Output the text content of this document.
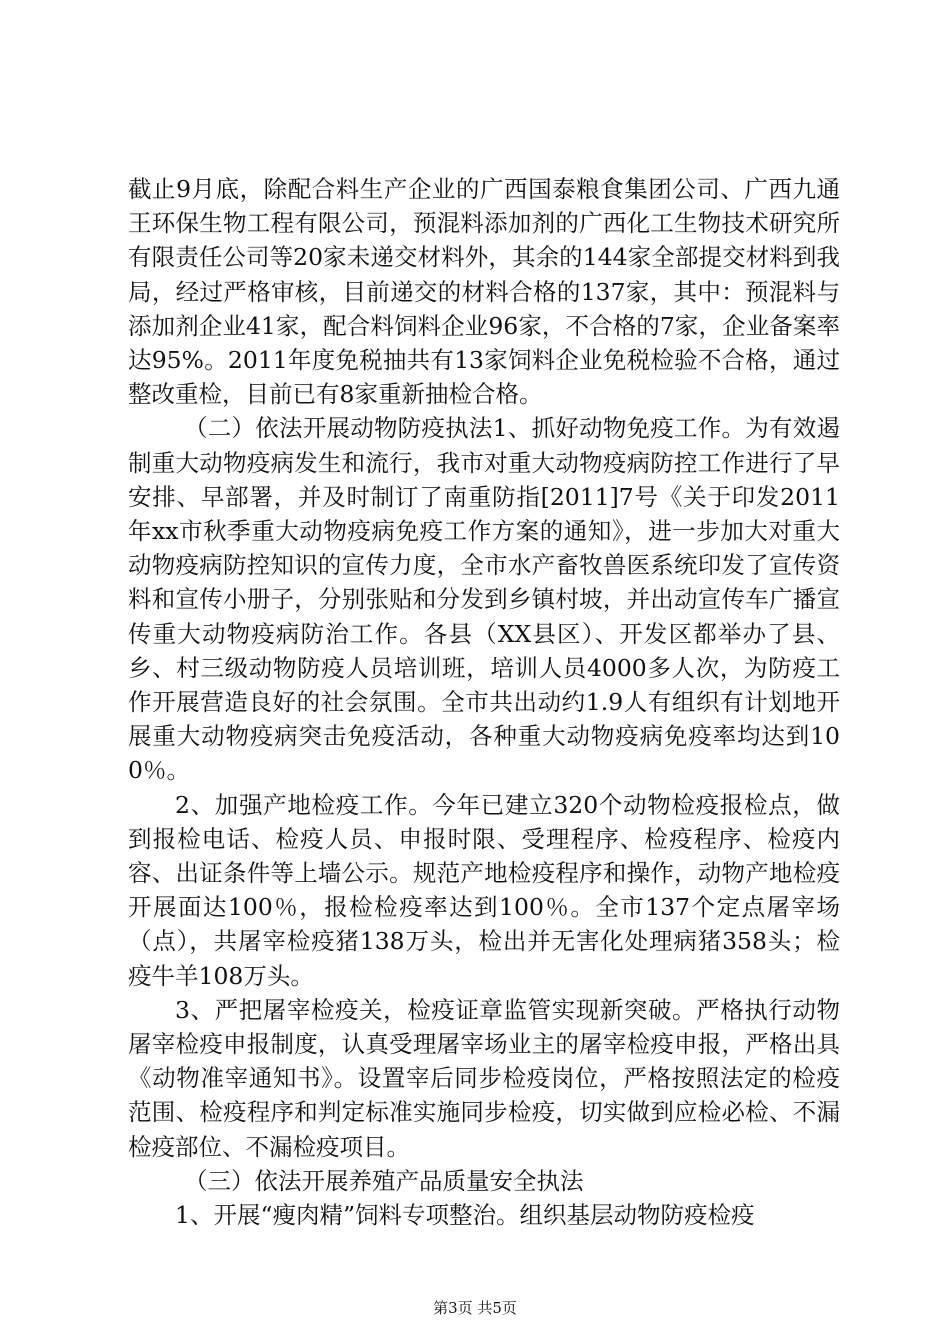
截止9月底，除配合料生产企业的广西国泰粮食集团公司、广西九通王环保生物工程有限公司，预混料添加剂的广西化工生物技术研究所有限责任公司等20家未递交材料外，其余的144家全部提交材料到我局，经过严格审核，目前递交的材料合格的137家，其中：预混料与添加剂企业41家，配合料饲料企业96家，不合格的7家，企业备案率达95%。2011年度免税抽共有13家饲料企业免税检验不合格，通过整改重检，目前已有8家重新抽检合格。

（二）依法开展动物防疫执法1、抓好动物免疫工作。为有效遏制重大动物疫病发生和流行，我市对重大动物疫病防控工作进行了早安排、早部署，并及时制订了南重防指[2011]7号《关于印发2011年xx市秋季重大动物疫病免疫工作方案的通知》，进一步加大对重大动物疫病防控知识的宣传力度，全市水产畜牧兽医系统印发了宣传资料和宣传小册子，分别张贴和分发到乡镇村坡，并出动宣传车广播宣传重大动物疫病防治工作。各县（XX县区）、开发区都举办了县、乡、村三级动物防疫人员培训班，培训人员4000多人次，为防疫工作开展营造良好的社会氛围。全市共出动约1.9人有组织有计划地开展重大动物疫病突击免疫活动，各种重大动物疫病免疫率均达到100％。

2、加强产地检疫工作。今年已建立320个动物检疫报检点，做到报检电话、检疫人员、申报时限、受理程序、检疫程序、检疫内容、出证条件等上墙公示。规范产地检疫程序和操作，动物产地检疫开展面达100％，报检检疫率达到100％。全市137个定点屠宰场（点），共屠宰检疫猪138万头，检出并无害化处理病猪358头；检疫牛羊108万头。

3、严把屠宰检疫关，检疫证章监管实现新突破。严格执行动物屠宰检疫申报制度，认真受理屠宰场业主的屠宰检疫申报，严格出具《动物准宰通知书》。设置宰后同步检疫岗位，严格按照法定的检疫范围、检疫程序和判定标准实施同步检疫，切实做到应检必检、不漏检疫部位、不漏检疫项目。

（三）依法开展养殖产品质量安全执法

1、开展“瘦肉精”饲料专项整治。组织基层动物防疫检疫

第3页 共5页
